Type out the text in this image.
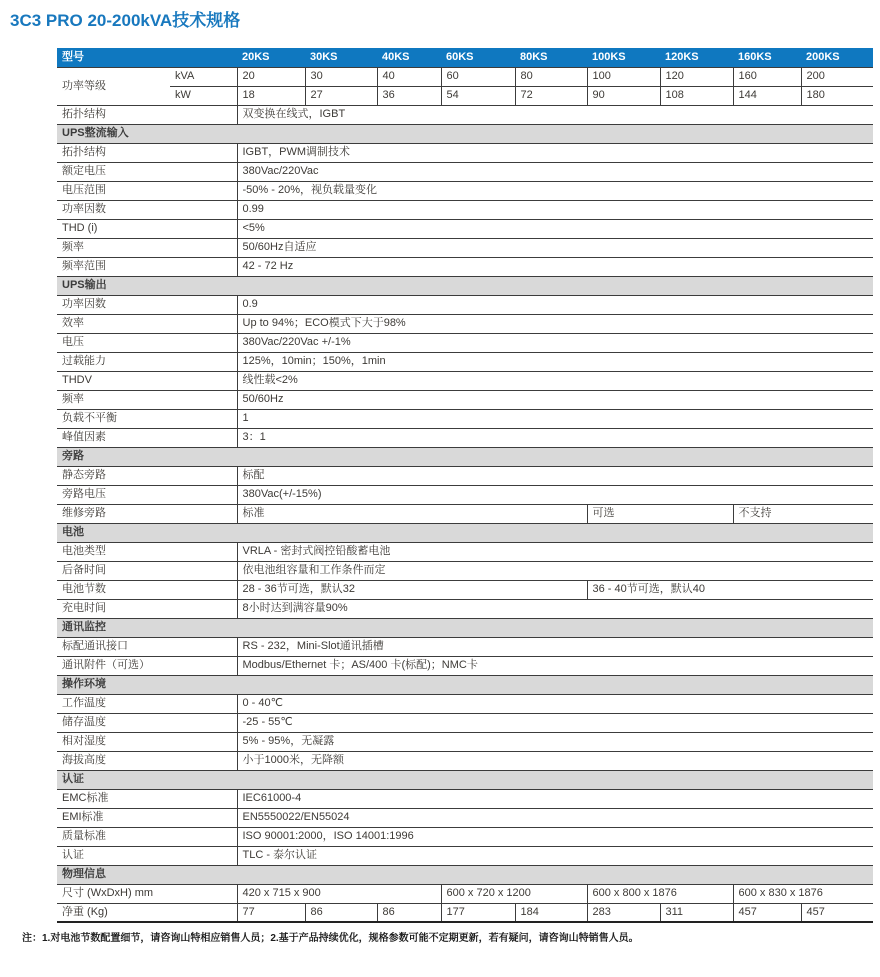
3C3 PRO 20-200kVA技术规格
型号		20KS	30KS	40KS	60KS	80KS	100KS	120KS	160KS	200KS
功率等级	kVA	20	30	40	60	80	100	120	160	200
	kW	18	27	36	54	72	90	108	144	180
拓扑结构		双变换在线式，IGBT								
UPS整流输入										
拓扑结构		IGBT，PWM调制技术								
额定电压		380Vac/220Vac								
电压范围		-50% - 20%，视负载量变化								
功率因数		0.99								
THD (i)		<5%								
频率		50/60Hz自适应								
频率范围		42 - 72 Hz								
UPS输出										
功率因数		0.9								
效率		Up to 94%；ECO模式下大于98%								
电压		380Vac/220Vac +/-1%								
过载能力		125%，10min；150%，1min								
THDV		线性载<2%								
频率		50/60Hz								
负载不平衡		1								
峰值因素		3：1								
旁路										
静态旁路		标配								
旁路电压		380Vac(+/-15%)								
维修旁路		标准					可选		不支持	
电池										
电池类型		VRLA - 密封式阀控铅酸蓄电池								
后备时间		依电池组容量和工作条件而定								
电池节数		28 - 36节可选，默认32					36 - 40节可选，默认40			
充电时间		8小时达到满容量90%								
通讯监控										
标配通讯接口		RS - 232，Mini-Slot通讯插槽								
通讯附件（可选）		Modbus/Ethernet 卡；AS/400 卡(标配)；NMC卡								
操作环境										
工作温度		0 - 40℃								
储存温度		-25 - 55℃								
相对湿度		5% - 95%，无凝露								
海拔高度		小于1000米，无降额								
认证										
EMC标准		IEC61000-4								
EMI标准		EN5550022/EN55024								
质量标准		ISO 90001:2000，ISO 14001:1996								
认证		TLC - 泰尔认证								
物理信息										
尺寸 (WxDxH) mm		420 x 715 x 900			600 x 720 x 1200		600 x 800 x 1876		600 x 830 x 1876	
净重 (Kg)		77	86	86	177	184	283	311	457	457
注：1.对电池节数配置细节，请咨询山特相应销售人员；2.基于产品持续优化，规格参数可能不定期更新，若有疑问，请咨询山特销售人员。
